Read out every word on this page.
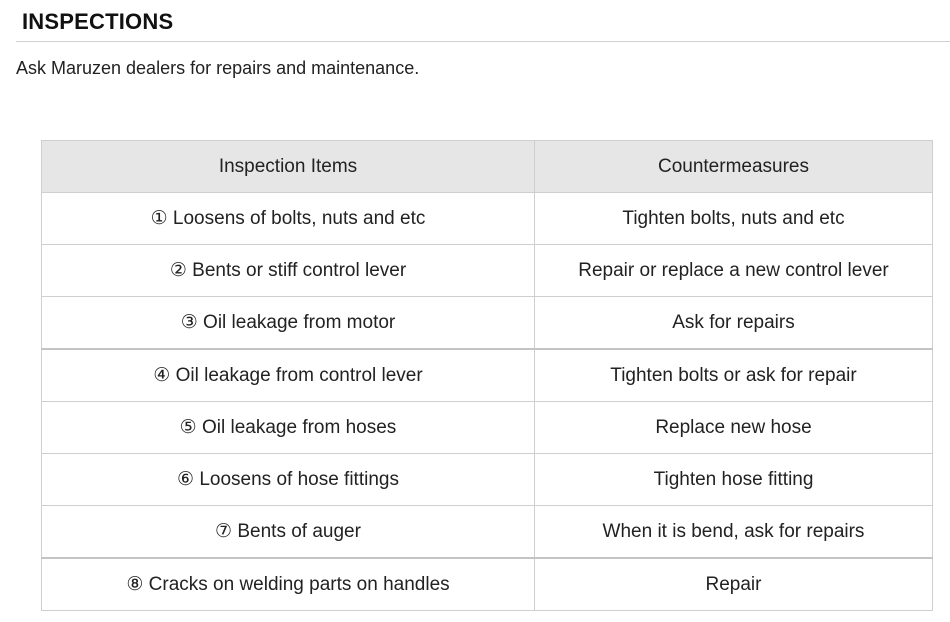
INSPECTIONS
Ask Maruzen dealers for repairs and maintenance.
Inspection Items	Countermeasures
① Loosens of bolts, nuts and etc	Tighten bolts, nuts and etc
② Bents or stiff control lever	Repair or replace a new control lever
③ Oil leakage from motor	Ask for repairs
④ Oil leakage from control lever	Tighten bolts or ask for repair
⑤ Oil leakage from hoses	Replace new hose
⑥ Loosens of hose fittings	Tighten hose fitting
⑦ Bents of auger	When it is bend, ask for repairs
⑧ Cracks on welding parts on handles	Repair
